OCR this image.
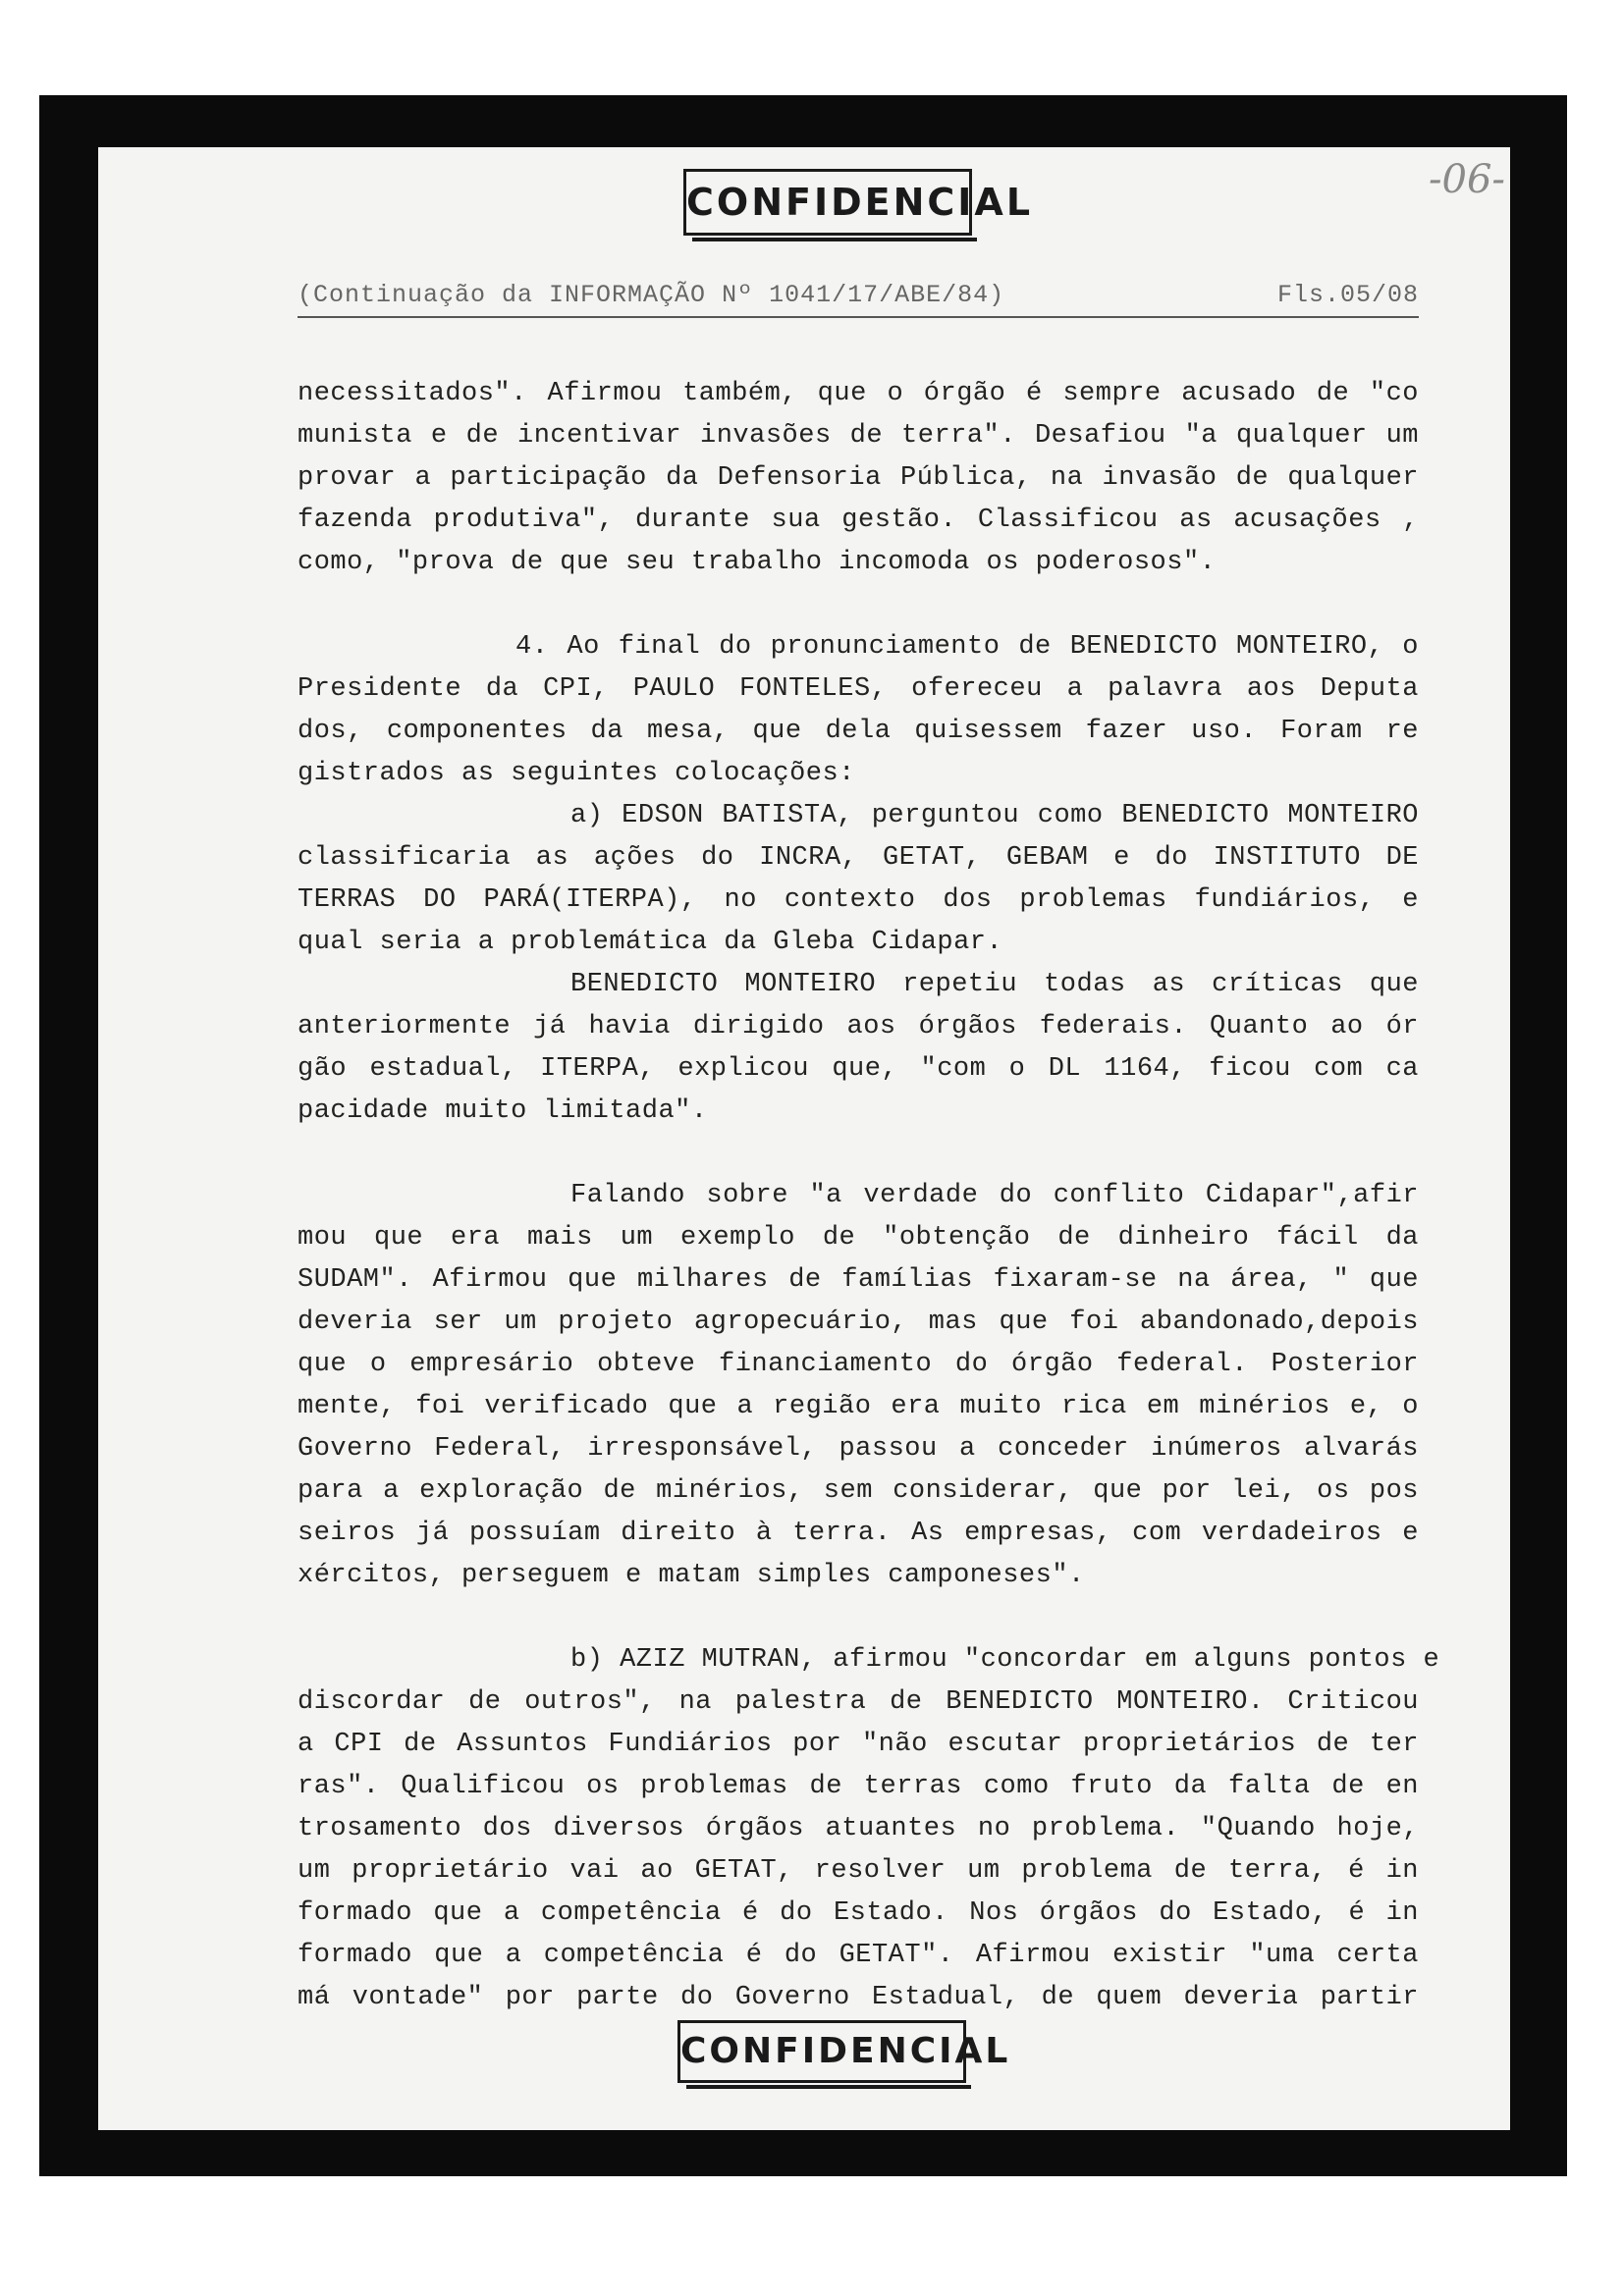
CONFIDENCIAL	-06-
(Continuação da INFORMAÇÃO Nº 1041/17/ABE/84)	Fls.05/08
necessitados". Afirmou também, que o órgão é sempre acusado de "co
munista e de incentivar invasões de terra". Desafiou "a qualquer um
provar a participação da Defensoria Pública, na invasão de qualquer
fazenda produtiva", durante sua gestão. Classificou as acusações ,
como, "prova de que seu trabalho incomoda os poderosos".
4. Ao final do pronunciamento de BENEDICTO MONTEIRO, o
Presidente da CPI, PAULO FONTELES, ofereceu a palavra aos Deputa
dos, componentes da mesa, que dela quisessem fazer uso. Foram re
gistrados as seguintes colocações:
a) EDSON BATISTA, perguntou como BENEDICTO MONTEIRO
classificaria as ações do INCRA, GETAT, GEBAM e do INSTITUTO DE
TERRAS DO PARÁ(ITERPA), no contexto dos problemas fundiários, e
qual seria a problemática da Gleba Cidapar.
BENEDICTO MONTEIRO repetiu todas as críticas que
anteriormente já havia dirigido aos órgãos federais. Quanto ao ór
gão estadual, ITERPA, explicou que, "com o DL 1164, ficou com ca
pacidade muito limitada".
Falando sobre "a verdade do conflito Cidapar",afir
mou que era mais um exemplo de "obtenção de dinheiro fácil da
SUDAM". Afirmou que milhares de famílias fixaram-se na área, " que
deveria ser um projeto agropecuário, mas que foi abandonado,depois
que o empresário obteve financiamento do órgão federal. Posterior
mente, foi verificado que a região era muito rica em minérios e, o
Governo Federal, irresponsável, passou a conceder inúmeros alvarás
para a exploração de minérios, sem considerar, que por lei, os pos
seiros já possuíam direito à terra. As empresas, com verdadeiros e
xércitos, perseguem e matam simples camponeses".
b) AZIZ MUTRAN, afirmou "concordar em alguns pontos e
discordar de outros", na palestra de BENEDICTO MONTEIRO. Criticou
a CPI de Assuntos Fundiários por "não escutar proprietários de ter
ras". Qualificou os problemas de terras como fruto da falta de en
trosamento dos diversos órgãos atuantes no problema. "Quando hoje,
um proprietário vai ao GETAT, resolver um problema de terra, é in
formado que a competência é do Estado. Nos órgãos do Estado, é in
formado que a competência é do GETAT". Afirmou existir "uma certa
má vontade" por parte do Governo Estadual, de quem deveria partir
CONFIDENCIAL
